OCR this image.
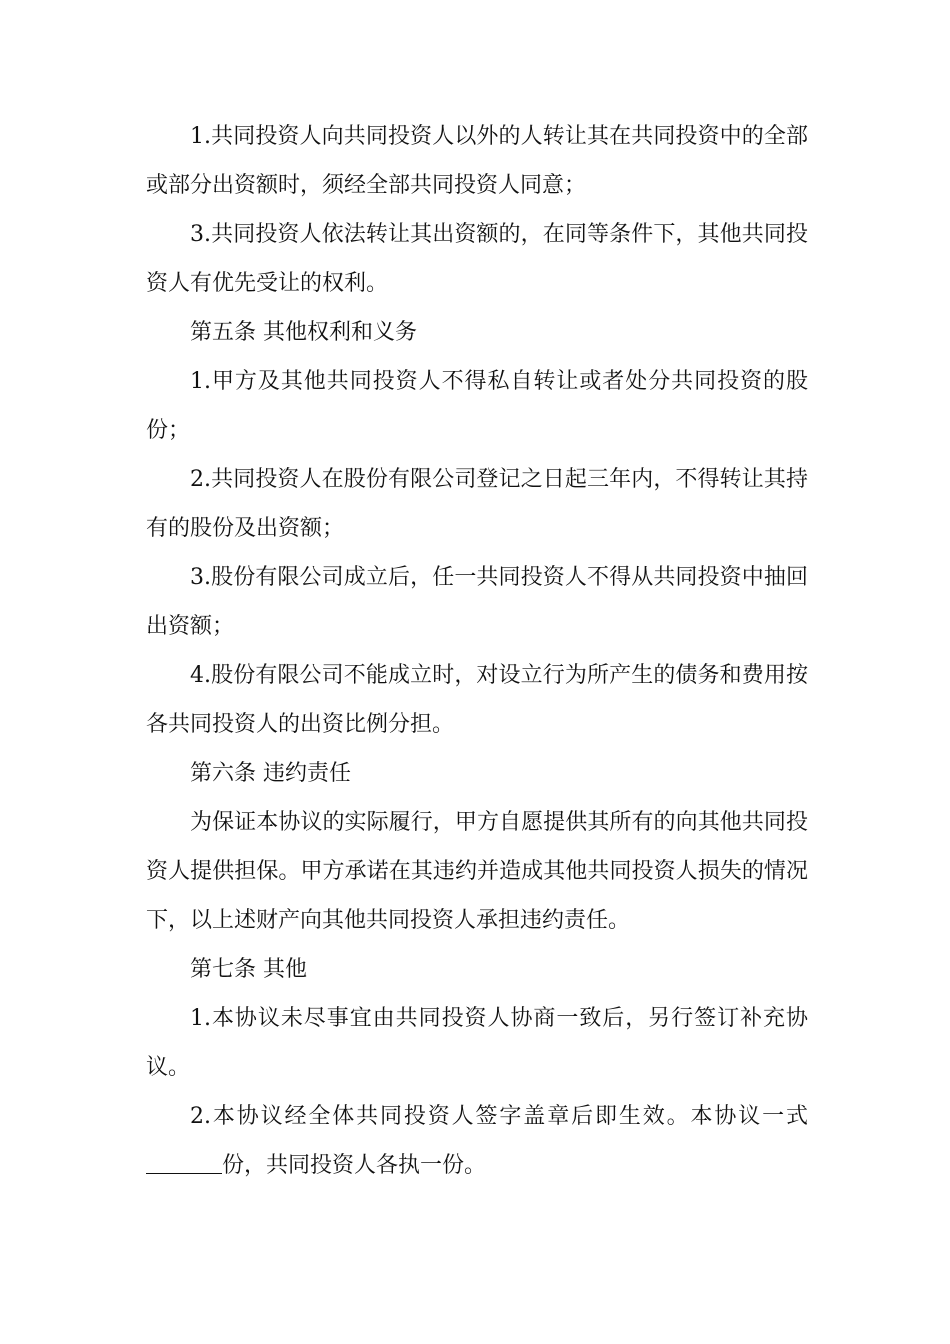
1.共同投资人向共同投资人以外的人转让其在共同投资中的全部或部分出资额时，须经全部共同投资人同意；

3.共同投资人依法转让其出资额的，在同等条件下，其他共同投资人有优先受让的权利。

第五条 其他权利和义务

1.甲方及其他共同投资人不得私自转让或者处分共同投资的股份；

2.共同投资人在股份有限公司登记之日起三年内，不得转让其持有的股份及出资额；

3.股份有限公司成立后，任一共同投资人不得从共同投资中抽回出资额；

4.股份有限公司不能成立时，对设立行为所产生的债务和费用按各共同投资人的出资比例分担。

第六条 违约责任

为保证本协议的实际履行，甲方自愿提供其所有的向其他共同投资人提供担保。甲方承诺在其违约并造成其他共同投资人损失的情况下，以上述财产向其他共同投资人承担违约责任。

第七条 其他

1.本协议未尽事宜由共同投资人协商一致后，另行签订补充协议。

2.本协议经全体共同投资人签字盖章后即生效。本协议一式份，共同投资人各执一份。
